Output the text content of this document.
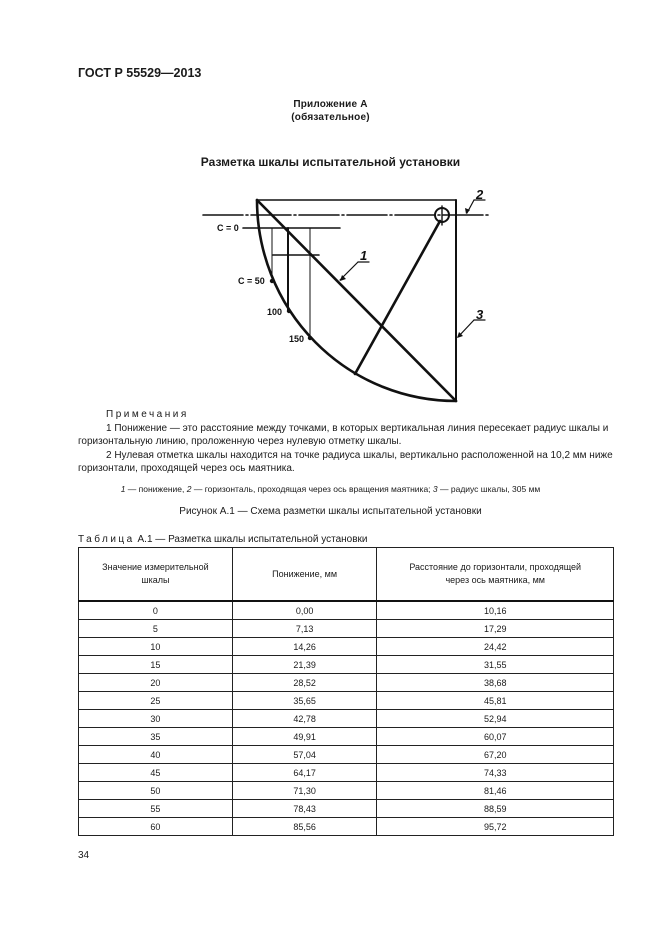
ГОСТ Р 55529—2013
Приложение А
(обязательное)
Разметка шкалы испытательной установки
С = 0
С = 50
100
150
1
2
3
Примечания

1 Понижение — это расстояние между точками, в которых вертикальная линия пересекает радиус шкалы и горизонтальную линию, проложенную через нулевую отметку шкалы.

2 Нулевая отметка шкалы находится на точке радиуса шкалы, вертикально расположенной на 10,2 мм ниже горизонтали, проходящей через ось маятника.

1 — понижение, 2 — горизонталь, проходящая через ось вращения маятника; 3 — радиус шкалы, 305 мм
Рисунок А.1 — Схема разметки шкалы испытательной установки
Таблица А.1 — Разметка шкалы испытательной установки
Значение измерительной шкалы	Понижение, мм	Расстояние до горизонтали, проходящей через ось маятника, мм
0	0,00	10,16
5	7,13	17,29
10	14,26	24,42
15	21,39	31,55
20	28,52	38,68
25	35,65	45,81
30	42,78	52,94
35	49,91	60,07
40	57,04	67,20
45	64,17	74,33
50	71,30	81,46
55	78,43	88,59
60	85,56	95,72
34
